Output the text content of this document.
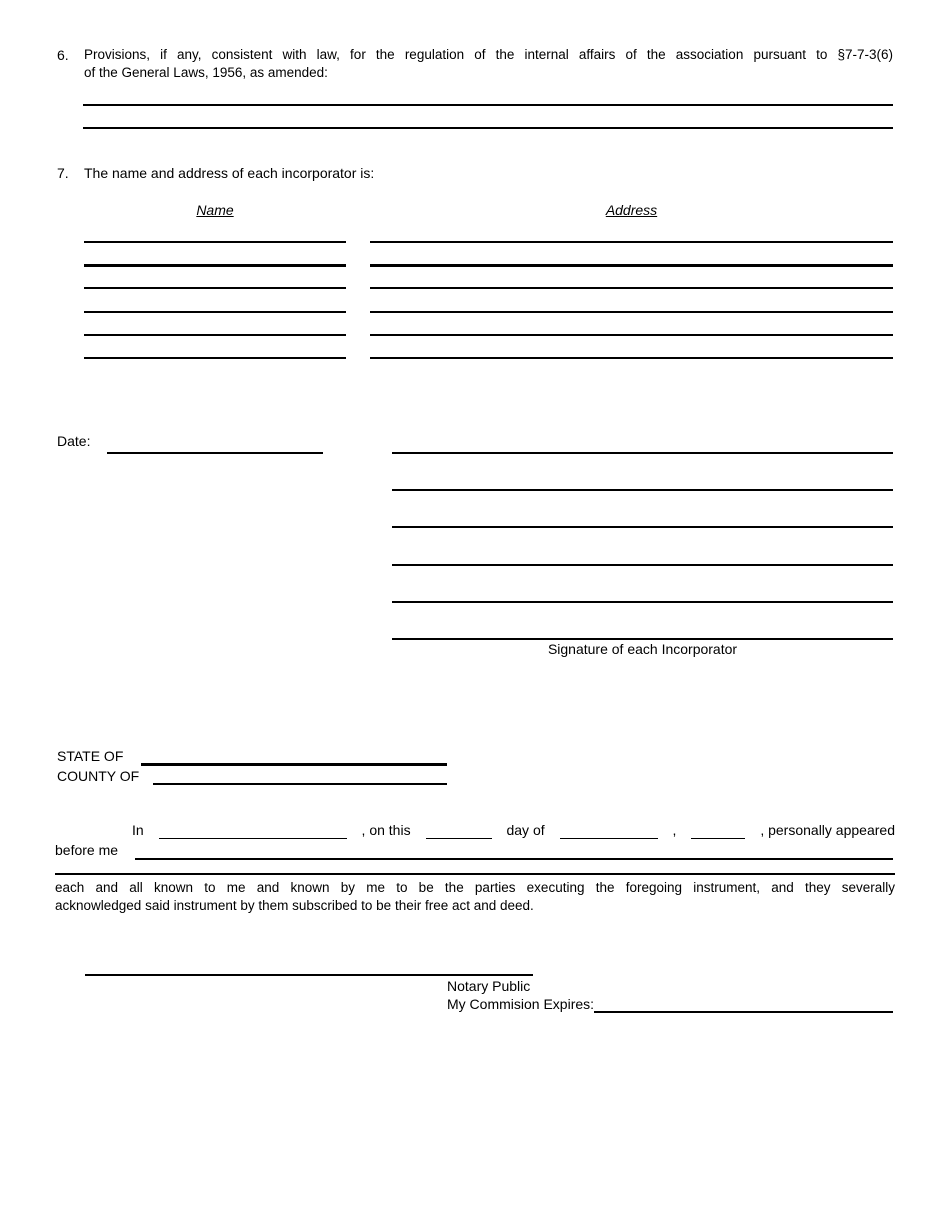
6. Provisions, if any, consistent with law, for the regulation of the internal affairs of the association pursuant to §7-7-3(6)
of the General Laws, 1956, as amended:
7. The name and address of each incorporator is:
Name	Address
Date:
Signature of each Incorporator
STATE OF
COUNTY OF
In	, on this	day of	,	, personally appeared
before me
each and all known to me and known by me to be the parties executing the foregoing instrument, and they severally
acknowledged said instrument by them subscribed to be their free act and deed.
Notary Public
My Commision Expires:
